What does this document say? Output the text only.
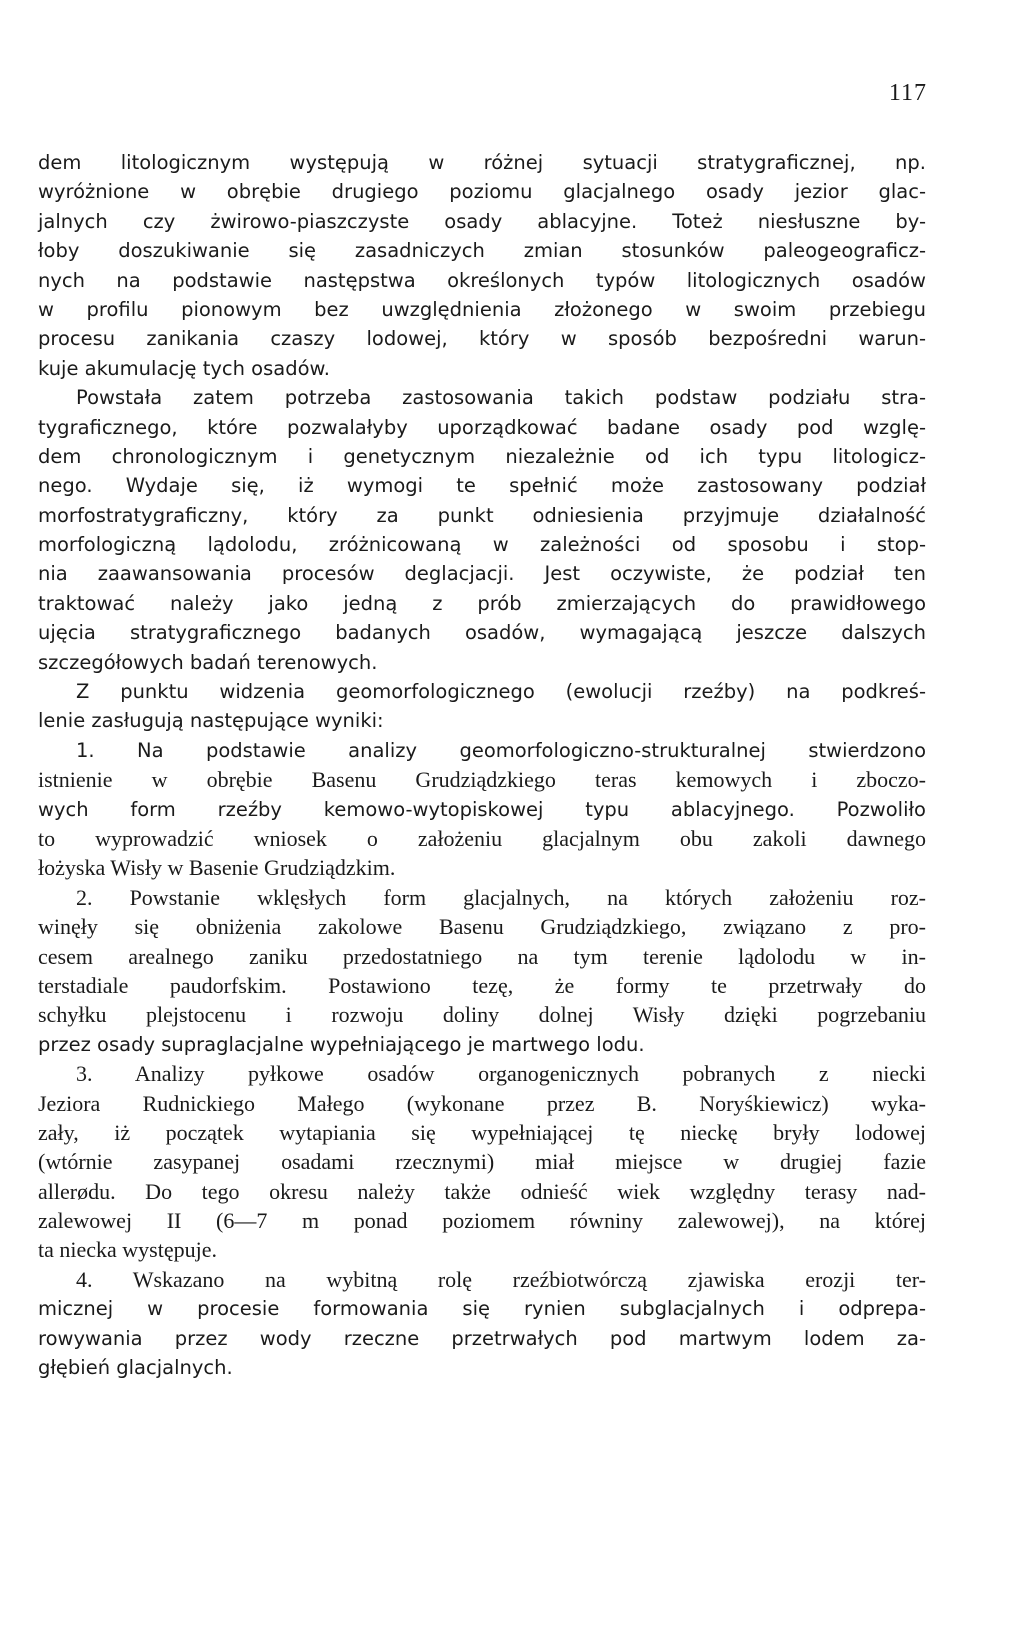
117
dem litologicznym występują w różnej sytuacji stratygraficznej, np.
wyróżnione w obrębie drugiego poziomu glacjalnego osady jezior glac-
jalnych czy żwirowo-piaszczyste osady ablacyjne. Toteż niesłuszne by-
łoby doszukiwanie się zasadniczych zmian stosunków paleogeograficz-
nych na podstawie następstwa określonych typów litologicznych osadów
w profilu pionowym bez uwzględnienia złożonego w swoim przebiegu
procesu zanikania czaszy lodowej, który w sposób bezpośredni warun-
kuje akumulację tych osadów.
Powstała zatem potrzeba zastosowania takich podstaw podziału stra-
tygraficznego, które pozwalałyby uporządkować badane osady pod wzglę-
dem chronologicznym i genetycznym niezależnie od ich typu litologicz-
nego. Wydaje się, iż wymogi te spełnić może zastosowany podział
morfostratygraficzny, który za punkt odniesienia przyjmuje działalność
morfologiczną lądolodu, zróżnicowaną w zależności od sposobu i stop-
nia zaawansowania procesów deglacjacji. Jest oczywiste, że podział ten
traktować należy jako jedną z prób zmierzających do prawidłowego
ujęcia stratygraficznego badanych osadów, wymagającą jeszcze dalszych
szczegółowych badań terenowych.
Z punktu widzenia geomorfologicznego (ewolucji rzeźby) na podkreś-
lenie zasługują następujące wyniki:
1. Na podstawie analizy geomorfologiczno-strukturalnej stwierdzono
istnienie w obrębie Basenu Grudziądzkiego teras kemowych i zboczo-
wych form rzeźby kemowo-wytopiskowej typu ablacyjnego. Pozwoliło
to wyprowadzić wniosek o założeniu glacjalnym obu zakoli dawnego
łożyska Wisły w Basenie Grudziądzkim.
2. Powstanie wklęsłych form glacjalnych, na których założeniu roz-
winęły się obniżenia zakolowe Basenu Grudziądzkiego, związano z pro-
cesem arealnego zaniku przedostatniego na tym terenie lądolodu w in-
terstadiale paudorfskim. Postawiono tezę, że formy te przetrwały do
schyłku plejstocenu i rozwoju doliny dolnej Wisły dzięki pogrzebaniu
przez osady supraglacjalne wypełniającego je martwego lodu.
3. Analizy pyłkowe osadów organogenicznych pobranych z niecki
Jeziora Rudnickiego Małego (wykonane przez B. Noryśkiewicz) wyka-
zały, iż początek wytapiania się wypełniającej tę nieckę bryły lodowej
(wtórnie zasypanej osadami rzecznymi) miał miejsce w drugiej fazie
allerødu. Do tego okresu należy także odnieść wiek względny terasy nad-
zalewowej II (6—7 m ponad poziomem równiny zalewowej), na której
ta niecka występuje.
4. Wskazano na wybitną rolę rzeźbiotwórczą zjawiska erozji ter-
micznej w procesie formowania się rynien subglacjalnych i odprepa-
rowywania przez wody rzeczne przetrwałych pod martwym lodem za-
głębień glacjalnych.
